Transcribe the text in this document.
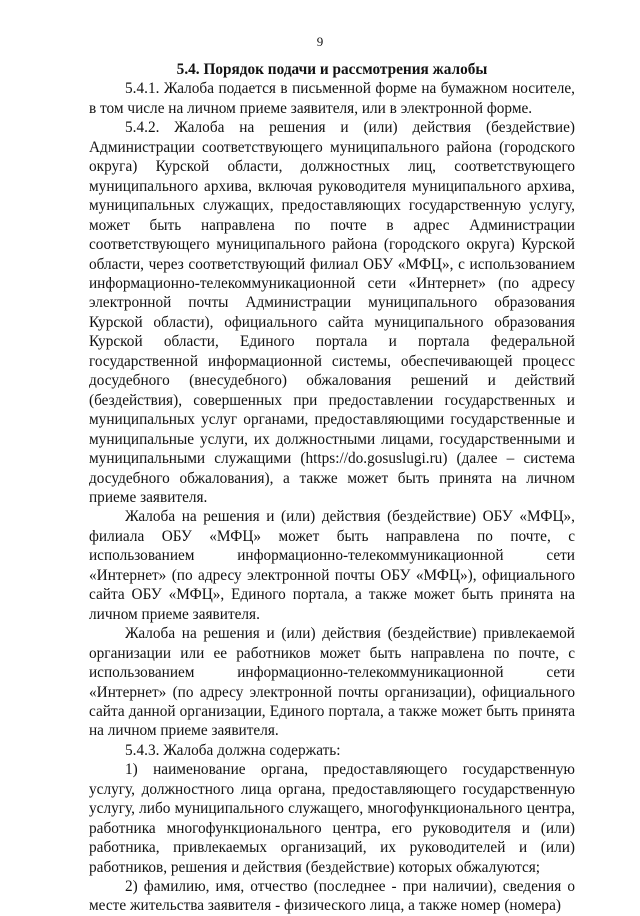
9

5.4. Порядок подачи и рассмотрения жалобы

5.4.1. Жалоба подается в письменной форме на бумажном носителе, в том числе на личном приеме заявителя, или в электронной форме.

5.4.2. Жалоба на решения и (или) действия (бездействие) Администрации соответствующего муниципального района (городского округа) Курской области, должностных лиц, соответствующего муниципального архива, включая руководителя муниципального архива, муниципальных служащих, предоставляющих государственную услугу, может быть направлена по почте в адрес Администрации соответствующего муниципального района (городского округа) Курской области, через соответствующий филиал ОБУ «МФЦ», с использованием информационно-телекоммуникационной сети «Интернет» (по адресу электронной почты Администрации муниципального образования Курской области), официального сайта муниципального образования Курской области, Единого портала и портала федеральной государственной информационной системы, обеспечивающей процесс досудебного (внесудебного) обжалования решений и действий (бездействия), совершенных при предоставлении государственных и муниципальных услуг органами, предоставляющими государственные и муниципальные услуги, их должностными лицами, государственными и муниципальными служащими (https://do.gosuslugi.ru) (далее – система досудебного обжалования), а также может быть принята на личном приеме заявителя.

Жалоба на решения и (или) действия (бездействие) ОБУ «МФЦ», филиала ОБУ «МФЦ» может быть направлена по почте, с использованием информационно-телекоммуникационной сети «Интернет» (по адресу электронной почты ОБУ «МФЦ»), официального сайта ОБУ «МФЦ», Единого портала, а также может быть принята на личном приеме заявителя.

Жалоба на решения и (или) действия (бездействие) привлекаемой организации или ее работников может быть направлена по почте, с использованием информационно-телекоммуникационной сети «Интернет» (по адресу электронной почты организации), официального сайта данной организации, Единого портала, а также может быть принята на личном приеме заявителя.

5.4.3. Жалоба должна содержать:

1) наименование органа, предоставляющего государственную услугу, должностного лица органа, предоставляющего государственную услугу, либо муниципального служащего, многофункционального центра, работника многофункционального центра, его руководителя и (или) работника, привлекаемых организаций, их руководителей и (или) работников, решения и действия (бездействие) которых обжалуются;

2) фамилию, имя, отчество (последнее - при наличии), сведения о месте жительства заявителя - физического лица, а также номер (номера)
